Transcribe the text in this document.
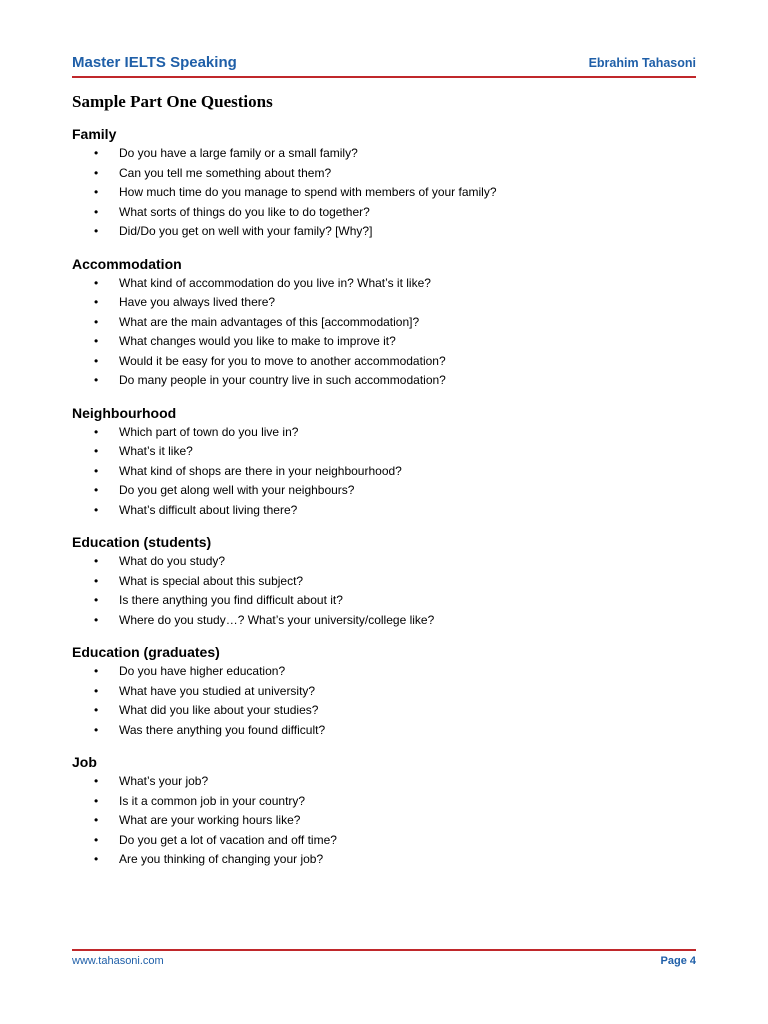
Master IELTS Speaking	Ebrahim Tahasoni
Sample Part One Questions
Family
• Do you have a large family or a small family?
• Can you tell me something about them?
• How much time do you manage to spend with members of your family?
• What sorts of things do you like to do together?
• Did/Do you get on well with your family? [Why?]
Accommodation
• What kind of accommodation do you live in? What’s it like?
• Have you always lived there?
• What are the main advantages of this [accommodation]?
• What changes would you like to make to improve it?
• Would it be easy for you to move to another accommodation?
• Do many people in your country live in such accommodation?
Neighbourhood
• Which part of town do you live in?
• What’s it like?
• What kind of shops are there in your neighbourhood?
• Do you get along well with your neighbours?
• What’s difficult about living there?
Education (students)
• What do you study?
• What is special about this subject?
• Is there anything you find difficult about it?
• Where do you study…? What’s your university/college like?
Education (graduates)
• Do you have higher education?
• What have you studied at university?
• What did you like about your studies?
• Was there anything you found difficult?
Job
• What’s your job?
• Is it a common job in your country?
• What are your working hours like?
• Do you get a lot of vacation and off time?
• Are you thinking of changing your job?
www.tahasoni.com	Page 4
